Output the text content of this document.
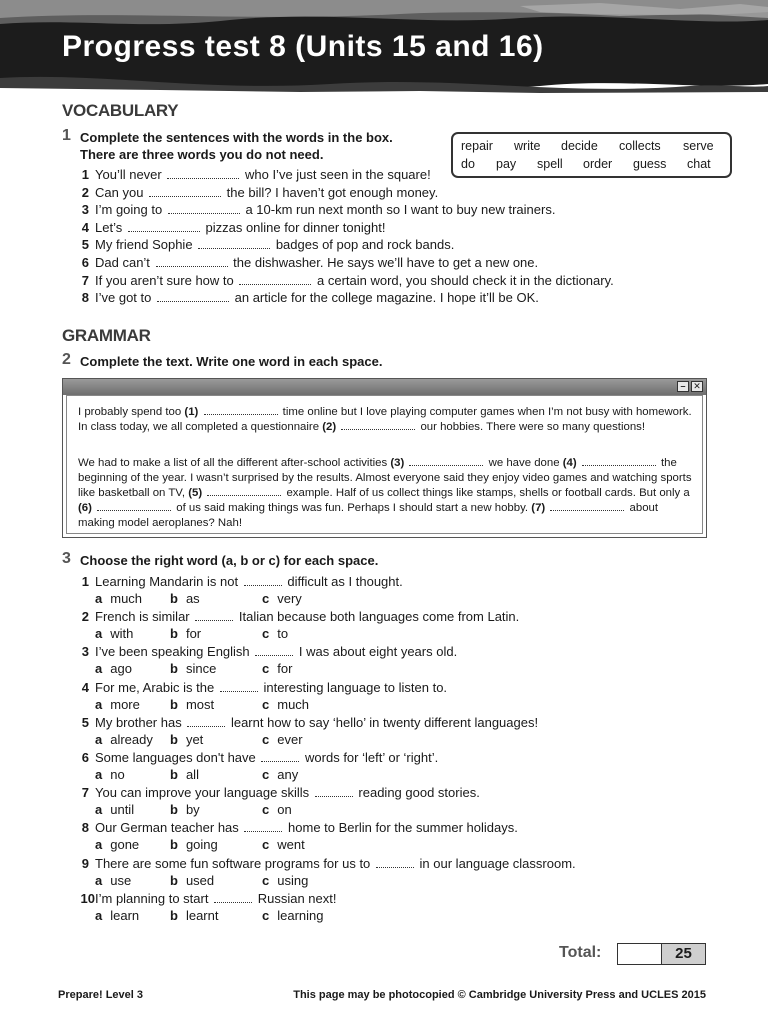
Progress test 8 (Units 15 and 16)
VOCABULARY
1 Complete the sentences with the words in the box.
There are three words you do not need.
repair write decide collects serve
do pay spell order guess chat
1 You’ll never	who I’ve just seen in the square!
2 Can you	the bill? I haven’t got enough money.
3 I’m going to	a 10-km run next month so I want to buy new trainers.
4 Let’s	pizzas online for dinner tonight!
5 My friend Sophie	badges of pop and rock bands.
6 Dad can’t	the dishwasher. He says we’ll have to get a new one.
7 If you aren’t sure how to	a certain word, you should check it in the dictionary.
8 I’ve got to	an article for the college magazine. I hope it’ll be OK.
GRAMMAR
2 Complete the text. Write one word in each space.
– ✕
I probably spend too (1)	time online but I love playing computer games when I’m not busy with homework. In class today, we all completed a questionnaire (2)	our hobbies. There were so many questions!
We had to make a list of all the different after-school activities (3)	we have done (4)	the beginning of the year. I wasn’t surprised by the results. Almost everyone said they enjoy video games and watching sports like basketball on TV, (5)	example. Half of us collect things like stamps, shells or football cards. But only a (6)	of us said making things was fun. Perhaps I should start a new hobby. (7)	about making model aeroplanes? Nah!
3 Choose the right word (a, b or c) for each space.
1 Learning Mandarin is not	difficult as I thought.
a much b as	c very
2 French is similar	Italian because both languages come from Latin.
a with	b for	c to
3 I’ve been speaking English	I was about eight years old.
a ago	b since	c for
4 For me, Arabic is the	interesting language to listen to.
a more b most	c much
5 My brother has	learnt how to say ‘hello’ in twenty different languages!
a already b yet	c ever
6 Some languages don't have	words for ‘left’ or ‘right’.
a no	b all	c any
7 You can improve your language skills	reading good stories.
a until	b by	c on
8 Our German teacher has	home to Berlin for the summer holidays.
a gone b going	c went
9 There are some fun software programs for us to	in our language classroom.
a use	b used	c using
10 I’m planning to start	Russian next!
a learn b learnt	c learning
Total:	25
Prepare! Level 3	This page may be photocopied © Cambridge University Press and UCLES 2015
